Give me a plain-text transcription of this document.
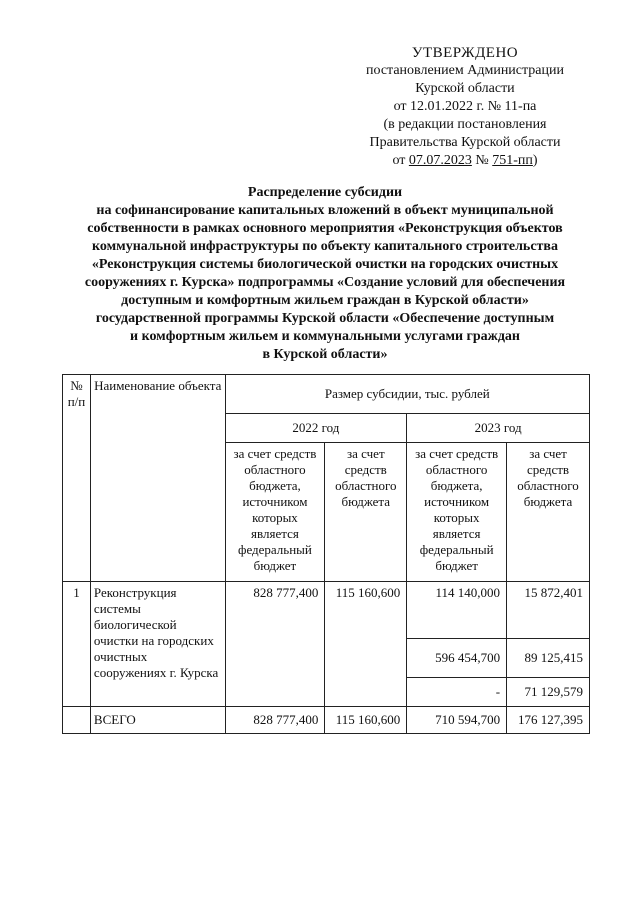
УТВЕРЖДЕНО
постановлением Администрации
Курской области
от 12.01.2022 г. № 11-па
(в редакции постановления
Правительства Курской области
от 07.07.2023 № 751-пп)
Распределение субсидии
на софинансирование капитальных вложений в объект муниципальной
собственности в рамках основного мероприятия «Реконструкция объектов
коммунальной инфраструктуры по объекту капитального строительства
«Реконструкция системы биологической очистки на городских очистных
сооружениях г. Курска» подпрограммы «Создание условий для обеспечения
доступным и комфортным жильем граждан в Курской области»
государственной программы Курской области «Обеспечение доступным
и комфортным жильем и коммунальными услугами граждан
в Курской области»
№ п/п	Наименование объекта	Размер субсидии, тыс. рублей			
		2022 год		2023 год	
		за счет средств областного бюджета, источником которых является федеральный бюджет	за счет средств областного бюджета	за счет средств областного бюджета, источником которых является федеральный бюджет	за счет средств областного бюджета
1	Реконструкция системы биологической очистки на городских очистных сооружениях г. Курска	828 777,400	115 160,600	114 140,000	15 872,401
				596 454,700	89 125,415
				-	71 129,579
	ВСЕГО	828 777,400	115 160,600	710 594,700	176 127,395
